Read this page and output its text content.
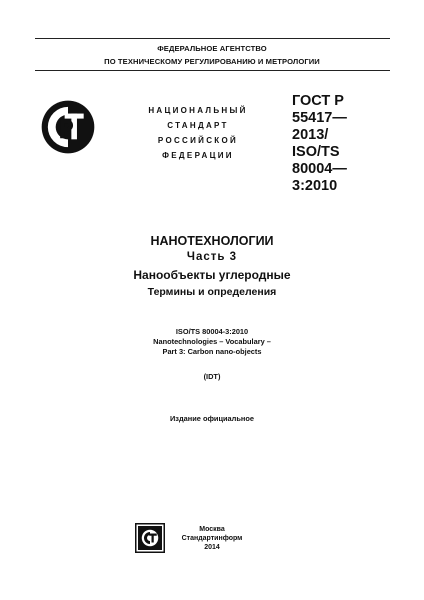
ФЕДЕРАЛЬНОЕ АГЕНТСТВО
ПО ТЕХНИЧЕСКОМУ РЕГУЛИРОВАНИЮ И МЕТРОЛОГИИ
НАЦИОНАЛЬНЫЙ
СТАНДАРТ
РОССИЙСКОЙ
ФЕДЕРАЦИИ
ГОСТ Р
55417—
2013/
ISO/TS
80004—
3:2010
НАНОТЕХНОЛОГИИ
Часть 3
Нанообъекты углеродные
Термины и определения
ISO/TS 80004-3:2010
Nanotechnologies – Vocabulary –
Part 3: Carbon nano-objects
(IDT)
Издание официальное
Москва
Стандартинформ
2014
